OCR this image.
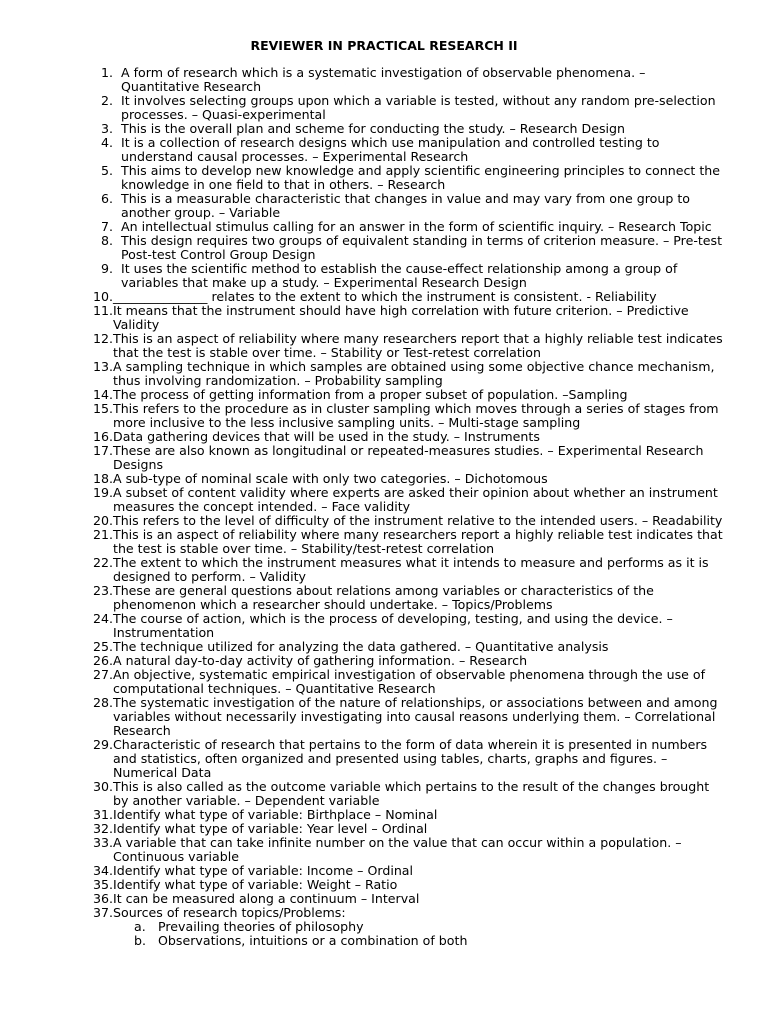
REVIEWER IN PRACTICAL RESEARCH II
1. A form of research which is a systematic investigation of observable phenomena. – Quantitative Research
2. It involves selecting groups upon which a variable is tested, without any random pre-selection processes. – Quasi-experimental
3. This is the overall plan and scheme for conducting the study. – Research Design
4. It is a collection of research designs which use manipulation and controlled testing to understand causal processes. – Experimental Research
5. This aims to develop new knowledge and apply scientific engineering principles to connect the knowledge in one field to that in others. – Research
6. This is a measurable characteristic that changes in value and may vary from one group to another group. – Variable
7. An intellectual stimulus calling for an answer in the form of scientific inquiry. – Research Topic
8. This design requires two groups of equivalent standing in terms of criterion measure. – Pre-test Post-test Control Group Design
9. It uses the scientific method to establish the cause-effect relationship among a group of variables that make up a study. – Experimental Research Design
10. _______________ relates to the extent to which the instrument is consistent. - Reliability
11. It means that the instrument should have high correlation with future criterion. – Predictive Validity
12. This is an aspect of reliability where many researchers report that a highly reliable test indicates that the test is stable over time. – Stability or Test-retest correlation
13. A sampling technique in which samples are obtained using some objective chance mechanism, thus involving randomization. – Probability sampling
14. The process of getting information from a proper subset of population. –Sampling
15. This refers to the procedure as in cluster sampling which moves through a series of stages from more inclusive to the less inclusive sampling units. – Multi-stage sampling
16. Data gathering devices that will be used in the study. – Instruments
17. These are also known as longitudinal or repeated-measures studies. – Experimental Research Designs
18. A sub-type of nominal scale with only two categories. – Dichotomous
19. A subset of content validity where experts are asked their opinion about whether an instrument measures the concept intended. – Face validity
20. This refers to the level of difficulty of the instrument relative to the intended users. – Readability
21. This is an aspect of reliability where many researchers report a highly reliable test indicates that the test is stable over time. – Stability/test-retest correlation
22. The extent to which the instrument measures what it intends to measure and performs as it is designed to perform. – Validity
23. These are general questions about relations among variables or characteristics of the phenomenon which a researcher should undertake. – Topics/Problems
24. The course of action, which is the process of developing, testing, and using the device. – Instrumentation
25. The technique utilized for analyzing the data gathered. – Quantitative analysis
26. A natural day-to-day activity of gathering information. – Research
27. An objective, systematic empirical investigation of observable phenomena through the use of computational techniques. – Quantitative Research
28. The systematic investigation of the nature of relationships, or associations between and among variables without necessarily investigating into causal reasons underlying them. – Correlational Research
29. Characteristic of research that pertains to the form of data wherein it is presented in numbers and statistics, often organized and presented using tables, charts, graphs and figures. – Numerical Data
30. This is also called as the outcome variable which pertains to the result of the changes brought by another variable. – Dependent variable
31. Identify what type of variable: Birthplace – Nominal
32. Identify what type of variable: Year level – Ordinal
33. A variable that can take infinite number on the value that can occur within a population. – Continuous variable
34. Identify what type of variable: Income – Ordinal
35. Identify what type of variable: Weight – Ratio
36. It can be measured along a continuum – Interval
37. Sources of research topics/Problems:
a. Prevailing theories of philosophy
b. Observations, intuitions or a combination of both
